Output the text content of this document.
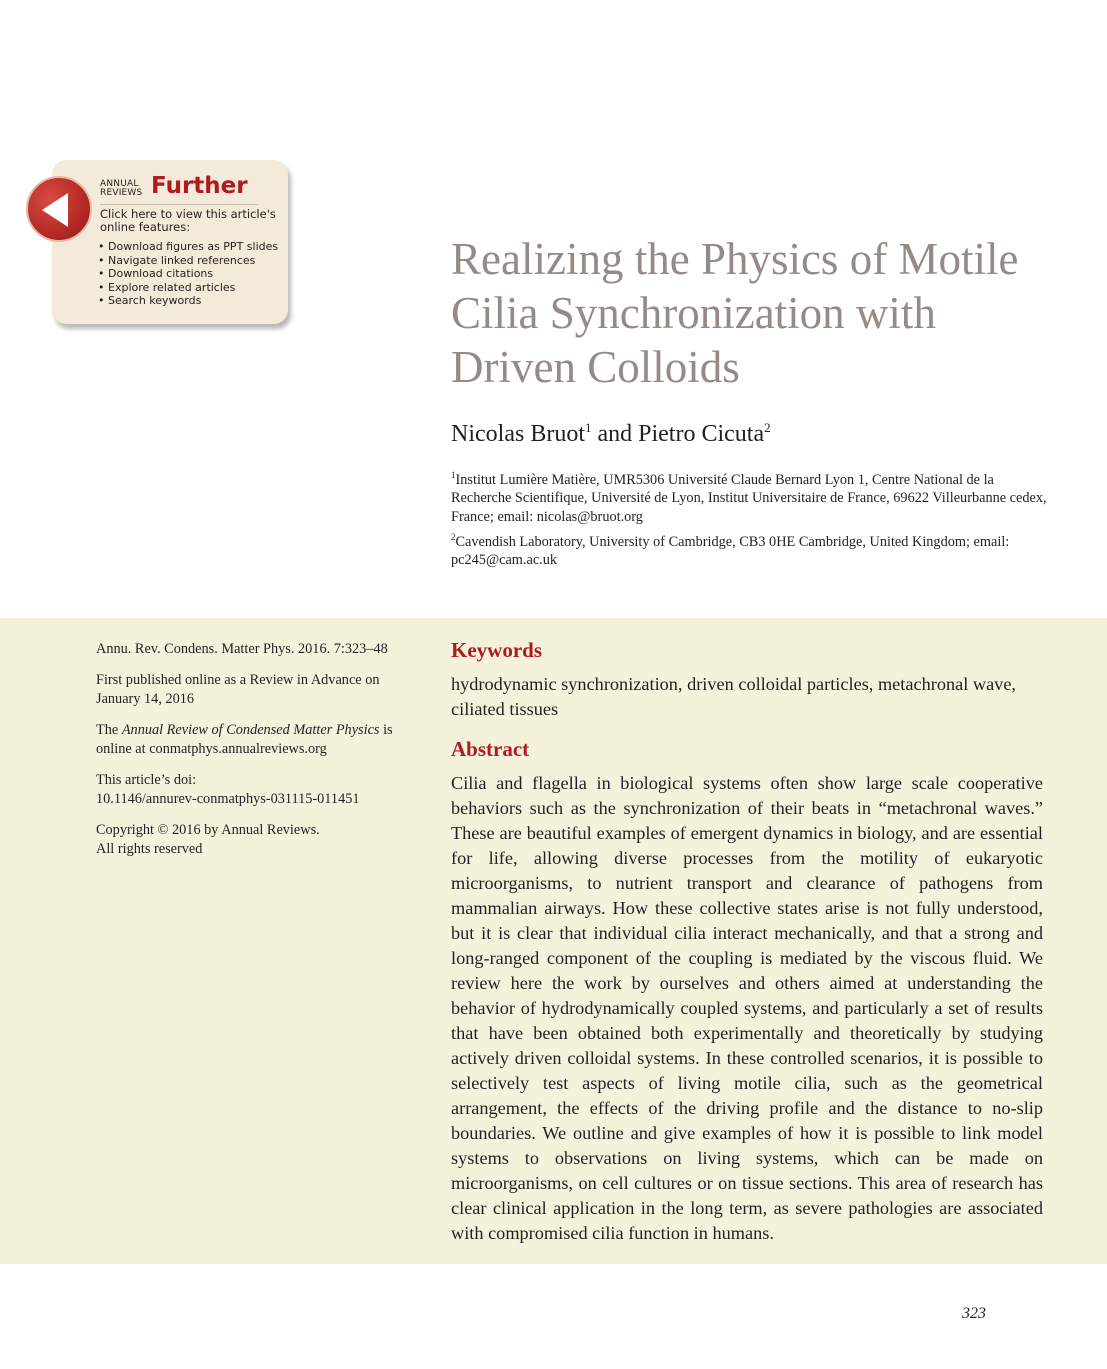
ANNUAL
REVIEWS Further
Click here to view this article's online features:
• Download figures as PPT slides
• Navigate linked references
• Download citations
• Explore related articles
• Search keywords
Realizing the Physics of Motile Cilia Synchronization with Driven Colloids

Nicolas Bruot$^1$ and Pietro Cicuta$^2$

$^1$Institut Lumière Matière, UMR5306 Université Claude Bernard Lyon 1, Centre National de la Recherche Scientifique, Université de Lyon, Institut Universitaire de France, 69622 Villeurbanne cedex, France; email: nicolas@bruot.org

$^2$Cavendish Laboratory, University of Cambridge, CB3 0HE Cambridge, United Kingdom; email: pc245@cam.ac.uk

Annu. Rev. Condens. Matter Phys. 2016. 7:323–48

First published online as a Review in Advance on January 14, 2016

The Annual Review of Condensed Matter Physics is online at conmatphys.annualreviews.org

This article’s doi:
10.1146/annurev-conmatphys-031115-011451

Copyright © 2016 by Annual Reviews.
All rights reserved

Keywords

hydrodynamic synchronization, driven colloidal particles, metachronal wave, ciliated tissues

Abstract

Cilia and flagella in biological systems often show large scale cooperative behaviors such as the synchronization of their beats in “metachronal waves.” These are beautiful examples of emergent dynamics in biology, and are essential for life, allowing diverse processes from the motility of eukaryotic microorganisms, to nutrient transport and clearance of pathogens from mammalian airways. How these collective states arise is not fully understood, but it is clear that individual cilia interact mechanically, and that a strong and long-ranged component of the coupling is mediated by the viscous fluid. We review here the work by ourselves and others aimed at understanding the behavior of hydrodynamically coupled systems, and particularly a set of results that have been obtained both experimentally and theoretically by studying actively driven colloidal systems. In these controlled scenarios, it is possible to selectively test aspects of living motile cilia, such as the geometrical arrangement, the effects of the driving profile and the distance to no-slip boundaries. We outline and give examples of how it is possible to link model systems to observations on living systems, which can be made on microorganisms, on cell cultures or on tissue sections. This area of research has clear clinical application in the long term, as severe pathologies are associated with compromised cilia function in humans.

323
